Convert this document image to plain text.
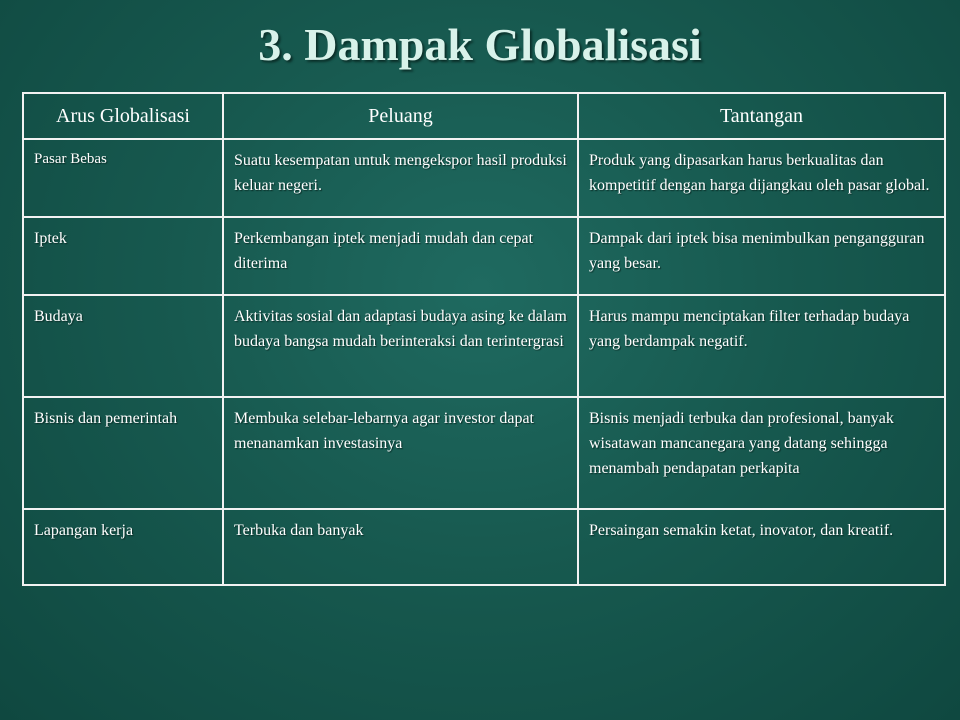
3. Dampak Globalisasi
Arus Globalisasi	Peluang	Tantangan
Pasar Bebas	Suatu kesempatan untuk mengekspor hasil produksi keluar negeri.	Produk yang dipasarkan harus berkualitas dan kompetitif dengan harga dijangkau oleh pasar global.
Iptek	Perkembangan iptek menjadi mudah dan cepat diterima	Dampak dari iptek bisa menimbulkan pengangguran yang besar.
Budaya	Aktivitas sosial dan adaptasi budaya asing ke dalam budaya bangsa mudah berinteraksi dan terintergrasi	Harus mampu menciptakan filter terhadap budaya yang berdampak negatif.
Bisnis dan pemerintah	Membuka selebar-lebarnya agar investor dapat menanamkan investasinya	Bisnis menjadi terbuka dan profesional, banyak wisatawan mancanegara yang datang sehingga menambah pendapatan perkapita
Lapangan kerja	Terbuka dan banyak	Persaingan semakin ketat, inovator, dan kreatif.
